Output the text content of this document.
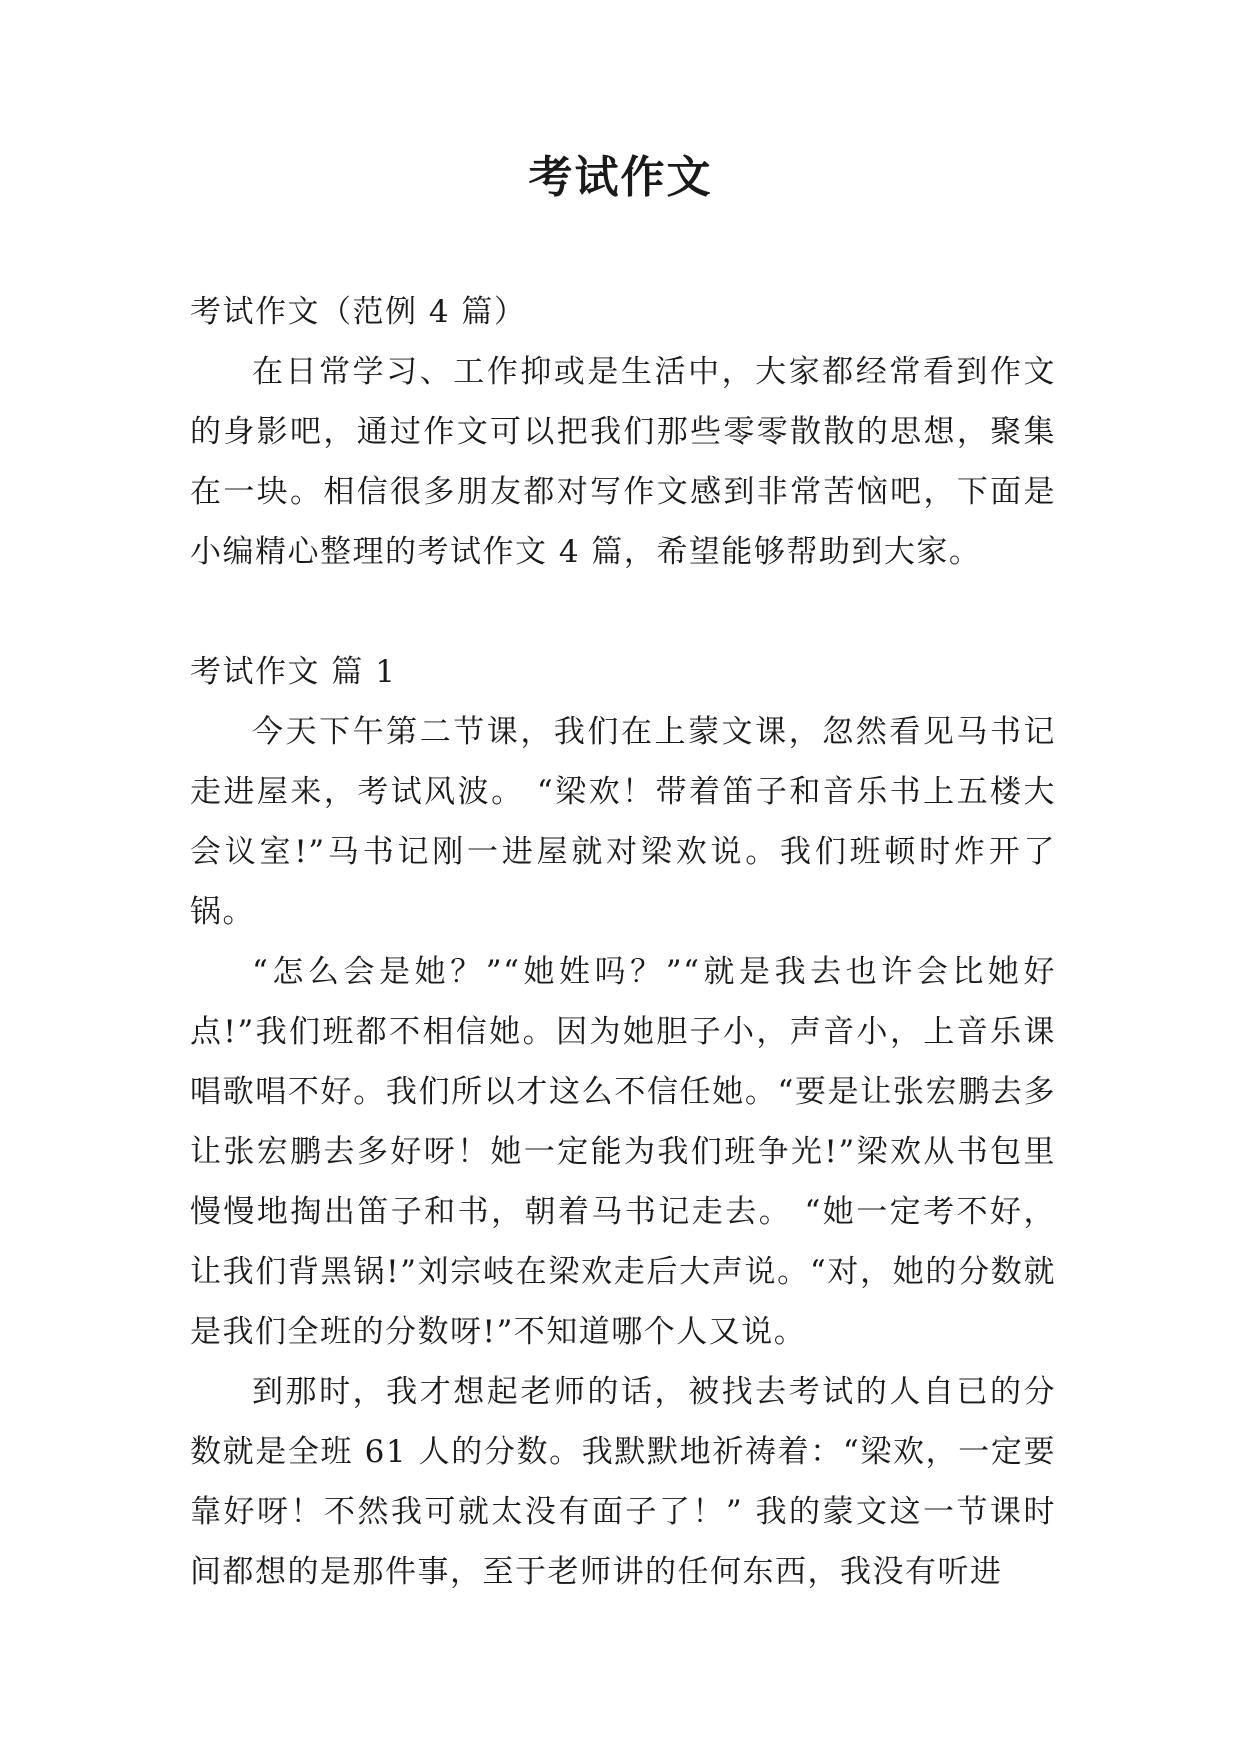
考试作文

考试作文（范例 4 篇）

在日常学习、工作抑或是生活中，大家都经常看到作文的身影吧，通过作文可以把我们那些零零散散的思想，聚集在一块。相信很多朋友都对写作文感到非常苦恼吧，下面是小编精心整理的考试作文 4 篇，希望能够帮助到大家。

考试作文 篇 1

今天下午第二节课，我们在上蒙文课，忽然看见马书记走进屋来，考试风波。 “梁欢！带着笛子和音乐书上五楼大会议室!”马书记刚一进屋就对梁欢说。我们班顿时炸开了锅。

“怎么会是她？”“她姓吗？”“就是我去也许会比她好点!”我们班都不相信她。因为她胆子小，声音小，上音乐课唱歌唱不好。我们所以才这么不信任她。“要是让张宏鹏去多让张宏鹏去多好呀！她一定能为我们班争光!”梁欢从书包里慢慢地掏出笛子和书，朝着马书记走去。 “她一定考不好，让我们背黑锅!”刘宗岐在梁欢走后大声说。“对，她的分数就是我们全班的分数呀!”不知道哪个人又说。

到那时，我才想起老师的话，被找去考试的人自已的分数就是全班 61 人的分数。我默默地祈祷着：“梁欢，一定要靠好呀！不然我可就太没有面子了！” 我的蒙文这一节课时间都想的是那件事，至于老师讲的任何东西，我没有听进
